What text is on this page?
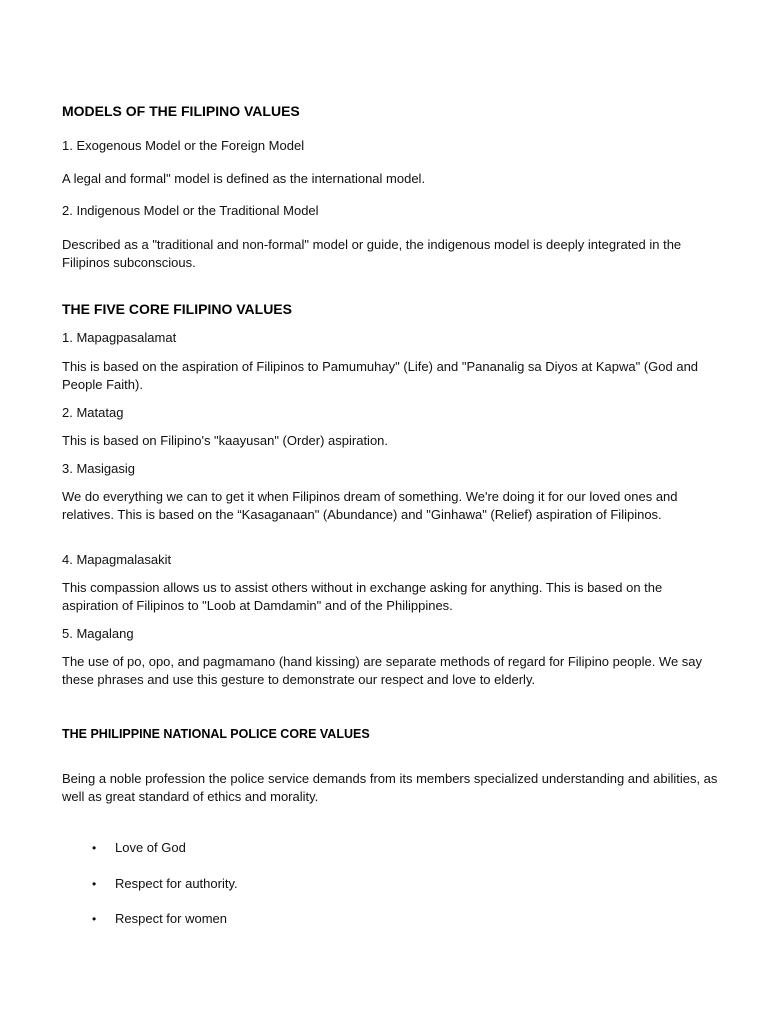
MODELS OF THE FILIPINO VALUES
1. Exogenous Model or the Foreign Model
A legal and formal" model is defined as the international model.
2. Indigenous Model or the Traditional Model
Described as a "traditional and non-formal" model or guide, the indigenous model is deeply integrated in the Filipinos subconscious.
THE FIVE CORE FILIPINO VALUES
1. Mapagpasalamat
This is based on the aspiration of Filipinos to Pamumuhay" (Life) and "Pananalig sa Diyos at Kapwa" (God and People Faith).
2. Matatag
This is based on Filipino's "kaayusan" (Order) aspiration.
3. Masigasig
We do everything we can to get it when Filipinos dream of something. We're doing it for our loved ones and relatives. This is based on the “Kasaganaan" (Abundance) and "Ginhawa" (Relief) aspiration of Filipinos.
4. Mapagmalasakit
This compassion allows us to assist others without in exchange asking for anything. This is based on the aspiration of Filipinos to "Loob at Damdamin" and of the Philippines.
5. Magalang
The use of po, opo, and pagmamano (hand kissing) are separate methods of regard for Filipino people. We say these phrases and use this gesture to demonstrate our respect and love to elderly.
THE PHILIPPINE NATIONAL POLICE CORE VALUES
Being a noble profession the police service demands from its members specialized understanding and abilities, as well as great standard of ethics and morality.
• Love of God
• Respect for authority.
• Respect for women
